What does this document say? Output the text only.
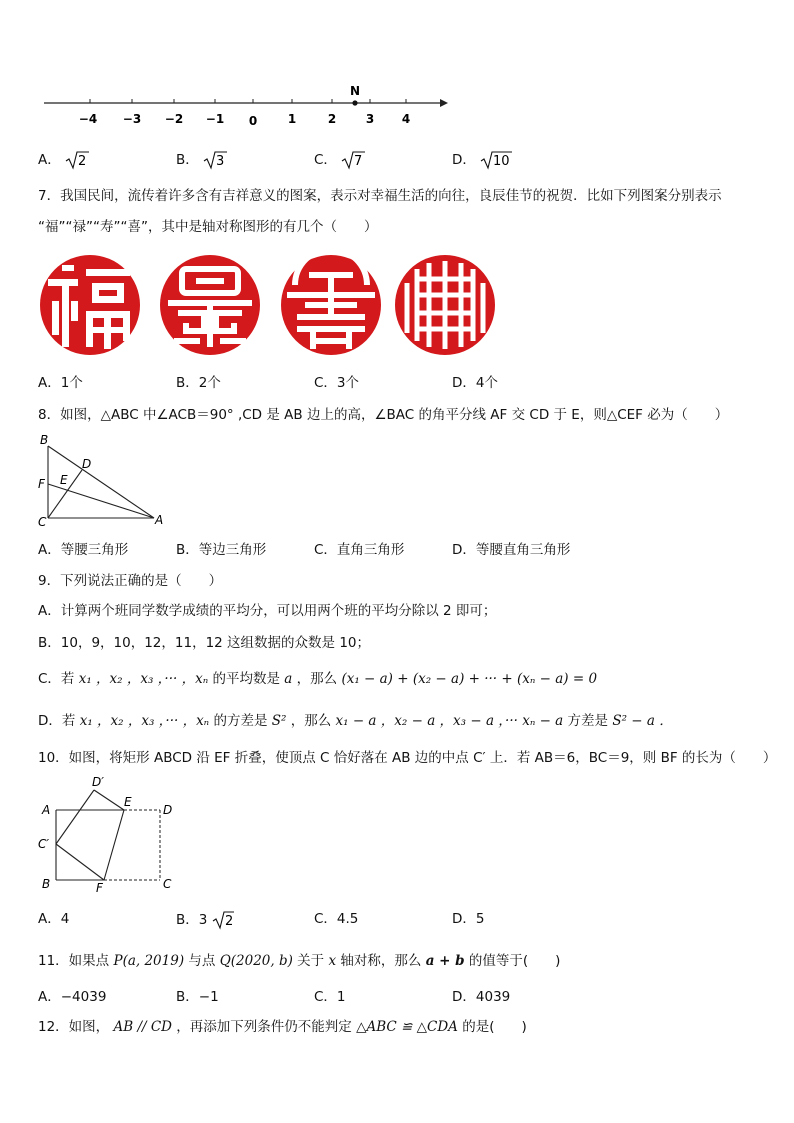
N
−4 −3 −2 −1 0	1	2 3 4
A． 2	B． 3	C． 7	D． 10
7．我国民间，流传着许多含有吉祥意义的图案，表示对幸福生活的向往，良辰佳节的祝贺．比如下列图案分别表示
“福”“禄”“寿”“喜”，其中是轴对称图形的有几个（　　）
A．1个	B．2个	C．3个	D．4个
8．如图，△ABC 中∠ACB＝90° ,CD 是 AB 边上的高，∠BAC 的角平分线 AF 交 CD 于 E，则△CEF 必为（　　）
B
D
F E
C	A
A．等腰三角形	B．等边三角形	C．直角三角形	D．等腰直角三角形
9．下列说法正确的是（　　）
A．计算两个班同学数学成绩的平均分，可以用两个班的平均分除以 2 即可；
B．10，9，10，12，11，12 这组数据的众数是 10；
C．若 x₁ ，x₂ ，x₃ ，··· ，xₙ 的平均数是 a ，那么 (x₁ − a) + (x₂ − a) + ··· + (xₙ − a) = 0
D．若 x₁ ，x₂ ，x₃ ，··· ，xₙ 的方差是 S² ，那么 x₁ − a ，x₂ − a ，x₃ − a ，··· xₙ − a 方差是 S² − a ．
10．如图，将矩形 ABCD 沿 EF 折叠，使顶点 C 恰好落在 AB 边的中点 C′ 上．若 AB＝6，BC＝9，则 BF 的长为（　　）
D′
A
E
D
C′
B	F	C
A．4	B．3 2	C．4.5	D．5
11．如果点 P(a, 2019) 与点 Q(2020, b) 关于 x 轴对称，那么 a + b 的值等于(　　)
A．−4039	B．−1	C．1	D．4039
12．如图， AB // CD ，再添加下列条件仍不能判定 △ABC ≌ △CDA 的是(　　)
